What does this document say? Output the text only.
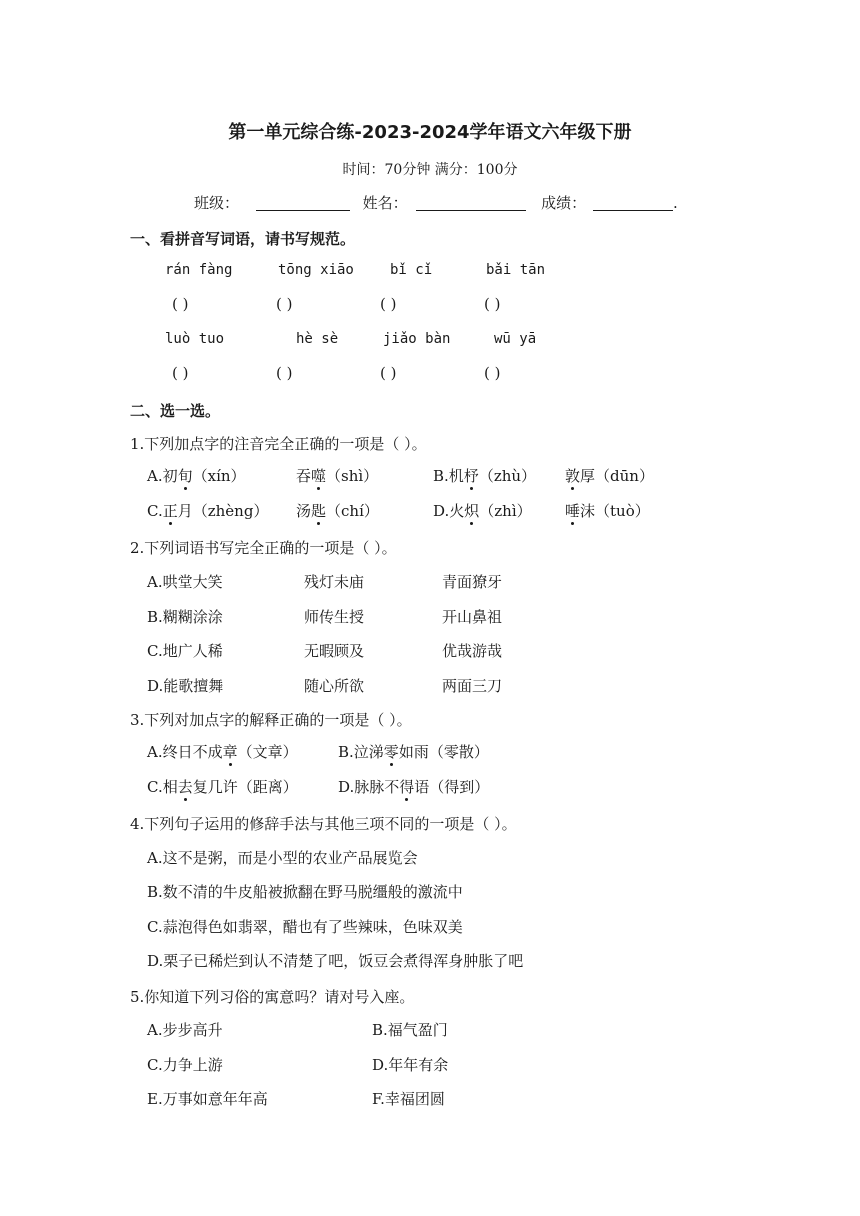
第一单元综合练-2023-2024学年语文六年级下册
时间：70分钟 满分：100分
班级：	姓名：	成绩：	.
一、看拼音写词语，请书写规范。
rán fàng	tōng xiāo	bǐ cǐ	bǎi tān
( )	( )	( )	( )
luò tuo	hè sè	jiǎo bàn	wū yā
( )	( )	( )	( )
二、选一选。
1.下列加点字的注音完全正确的一项是（ ）。
A.初旬（xín）	吞噬（shì）	B.机杼（zhù） 敦厚（dūn）
C.正月（zhèng） 汤匙（chí）	D.火炽（zhì） 唾沫（tuò）
2.下列词语书写完全正确的一项是（ ）。
A.哄堂大笑	残灯未庙	青面獠牙
B.糊糊涂涂	师传生授	开山鼻祖
C.地广人稀	无暇顾及	优哉游哉
D.能歌擅舞	随心所欲	两面三刀
3.下列对加点字的解释正确的一项是（ ）。
A.终日不成章（文章）	B.泣涕零如雨（零散）
C.相去复几许（距离）	D.脉脉不得语（得到）
4.下列句子运用的修辞手法与其他三项不同的一项是（ ）。
A.这不是粥，而是小型的农业产品展览会
B.数不清的牛皮船被掀翻在野马脱缰般的激流中
C.蒜泡得色如翡翠，醋也有了些辣味，色味双美
D.栗子已稀烂到认不清楚了吧，饭豆会煮得浑身肿胀了吧
5.你知道下列习俗的寓意吗？请对号入座。
A.步步高升	B.福气盈门
C.力争上游	D.年年有余
E.万事如意年年高	F.幸福团圆
